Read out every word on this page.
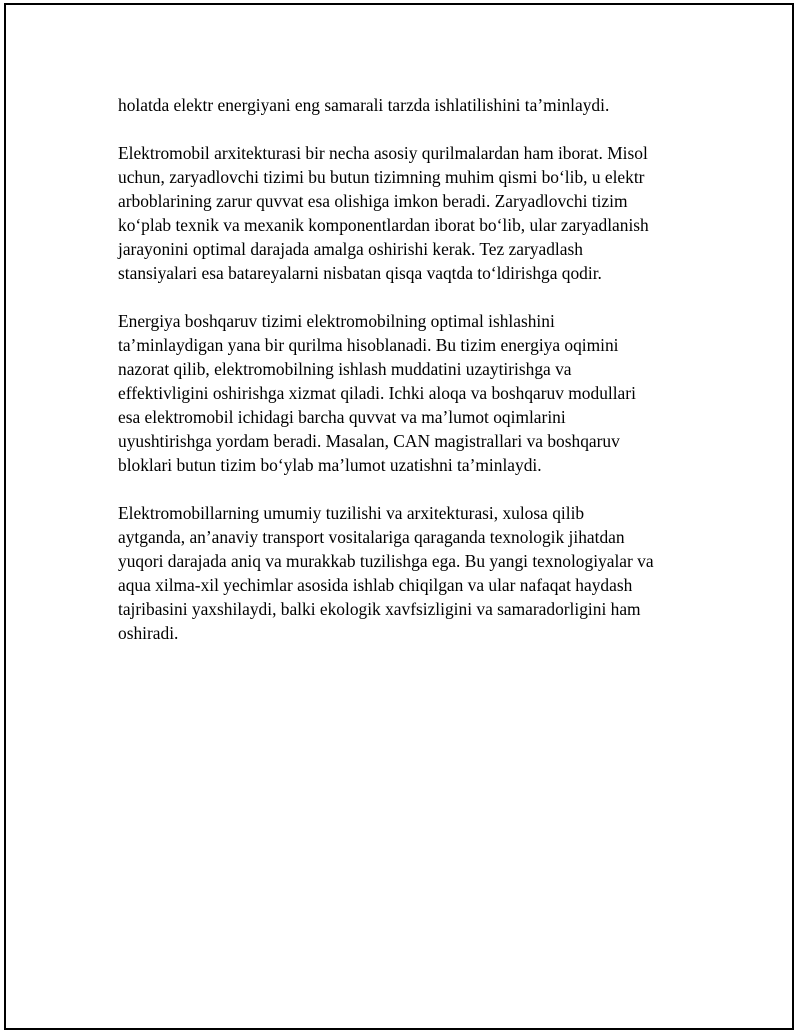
holatda elektr energiyani eng samarali tarzda ishlatilishini ta’minlaydi.

Elektromobil arxitekturasi bir necha asosiy qurilmalardan ham iborat. Misol
uchun, zaryadlovchi tizimi bu butun tizimning muhim qismi bo‘lib, u elektr
arboblarining zarur quvvat esa olishiga imkon beradi. Zaryadlovchi tizim
ko‘plab texnik va mexanik komponentlardan iborat bo‘lib, ular zaryadlanish
jarayonini optimal darajada amalga oshirishi kerak. Tez zaryadlash
stansiyalari esa batareyalarni nisbatan qisqa vaqtda to‘ldirishga qodir.

Energiya boshqaruv tizimi elektromobilning optimal ishlashini
ta’minlaydigan yana bir qurilma hisoblanadi. Bu tizim energiya oqimini
nazorat qilib, elektromobilning ishlash muddatini uzaytirishga va
effektivligini oshirishga xizmat qiladi. Ichki aloqa va boshqaruv modullari
esa elektromobil ichidagi barcha quvvat va ma’lumot oqimlarini
uyushtirishga yordam beradi. Masalan, CAN magistrallari va boshqaruv
bloklari butun tizim bo‘ylab ma’lumot uzatishni ta’minlaydi.

Elektromobillarning umumiy tuzilishi va arxitekturasi, xulosa qilib
aytganda, an’anaviy transport vositalariga qaraganda texnologik jihatdan
yuqori darajada aniq va murakkab tuzilishga ega. Bu yangi texnologiyalar va
aqua xilma-xil yechimlar asosida ishlab chiqilgan va ular nafaqat haydash
tajribasini yaxshilaydi, balki ekologik xavfsizligini va samaradorligini ham
oshiradi.
